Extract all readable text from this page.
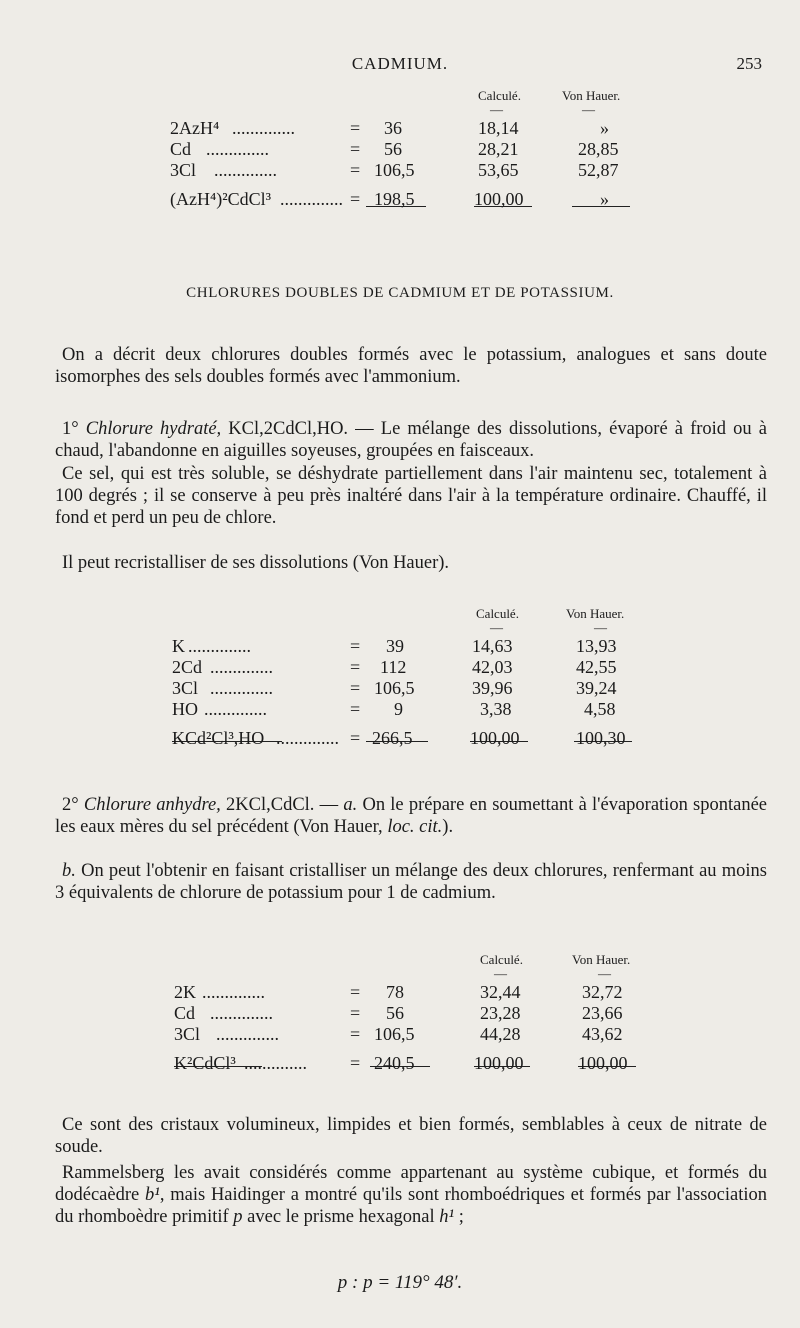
CADMIUM.	253
Calculé.	Von Hauer.
—	—
2AzH⁴ ..............	= 36	18,14	»
Cd ..............	= 56	28,21	28,85
3Cl ..............	= 106,5	53,65	52,87
(AzH⁴)²CdCl³ .............. = 198,5	100,00	»
CHLORURES DOUBLES DE CADMIUM ET DE POTASSIUM.

On a décrit deux chlorures doubles formés avec le potassium, analogues et sans doute isomorphes des sels doubles formés avec l'ammonium.

1° Chlorure hydraté, KCl,2CdCl,HO. — Le mélange des dissolutions, évaporé à froid ou à chaud, l'abandonne en aiguilles soyeuses, groupées en faisceaux.

Ce sel, qui est très soluble, se déshydrate partiellement dans l'air maintenu sec, totalement à 100 degrés ; il se conserve à peu près inaltéré dans l'air à la température ordinaire. Chauffé, il fond et perd un peu de chlore.

Il peut recristalliser de ses dissolutions (Von Hauer).

Calculé.	Von Hauer.
—	—
K ..............	= 39	14,63	13,93
2Cd ..............	= 112	42,03	42,55
3Cl ..............	= 106,5	39,96	39,24
HO ..............	= 9	3,38	4,58
KCd²Cl³,HO .............. = 266,5	100,00	100,30

2° Chlorure anhydre, 2KCl,CdCl. — a. On le prépare en soumettant à l'évaporation spontanée les eaux mères du sel précédent (Von Hauer, loc. cit.).

b. On peut l'obtenir en faisant cristalliser un mélange des deux chlorures, renfermant au moins 3 équivalents de chlorure de potassium pour 1 de cadmium.

Calculé.	Von Hauer.
—	—
2K ..............	= 78	32,44	32,72
Cd ..............	= 56	23,28	23,66
3Cl ..............	= 106,5	44,28	43,62
K²CdCl³ .............. = 240,5	100,00	100,00

Ce sont des cristaux volumineux, limpides et bien formés, semblables à ceux de nitrate de soude.

Rammelsberg les avait considérés comme appartenant au système cubique, et formés du dodécaèdre b¹, mais Haidinger a montré qu'ils sont rhomboédriques et formés par l'association du rhomboèdre primitif p avec le prisme hexagonal h¹ ;

p : p = 119° 48′.
